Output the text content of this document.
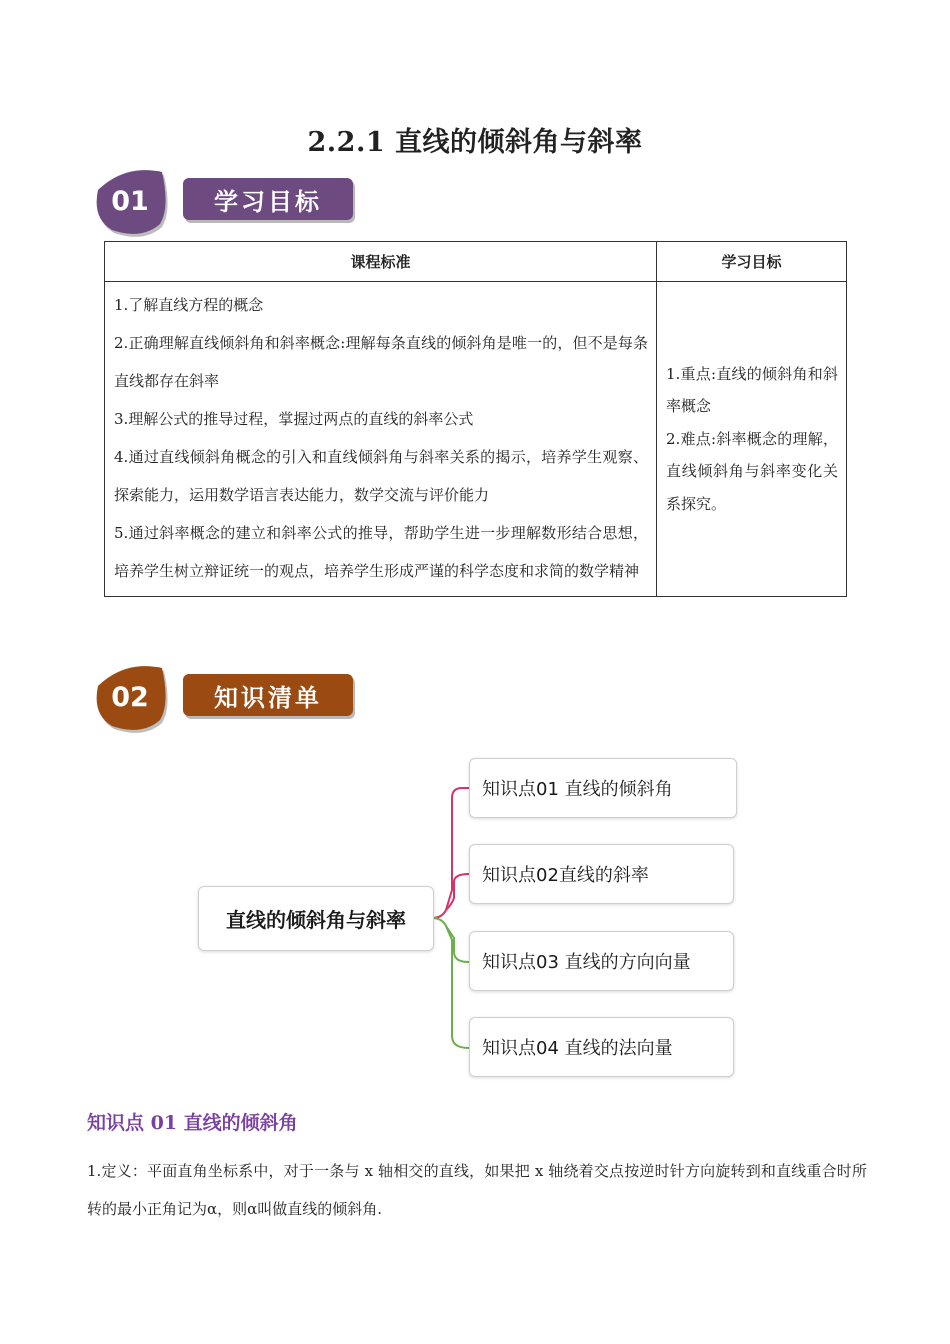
2.2.1 直线的倾斜角与斜率
01	学习目标
课程标准	学习目标

1.了解直线方程的概念
2.正确理解直线倾斜角和斜率概念:理解每条直线的倾斜角是唯一的，但不是每条直线都存在斜率
3.理解公式的推导过程，掌握过两点的直线的斜率公式
4.通过直线倾斜角概念的引入和直线倾斜角与斜率关系的揭示，培养学生观察、探索能力，运用数学语言表达能力，数学交流与评价能力
5.通过斜率概念的建立和斜率公式的推导，帮助学生进一步理解数形结合思想，培养学生树立辩证统一的观点，培养学生形成严谨的科学态度和求简的数学精神	1.重点:直线的倾斜角和斜率概念
2.难点:斜率概念的理解，直线倾斜角与斜率变化关系探究。
02	知识清单
直线的倾斜角与斜率
知识点01 直线的倾斜角
知识点02直线的斜率
知识点03 直线的方向向量
知识点04 直线的法向量
知识点 01 直线的倾斜角
1.定义：平面直角坐标系中，对于一条与 x 轴相交的直线，如果把 x 轴绕着交点按逆时针方向旋转到和直线重合时所转的最小正角记为α，则α叫做直线的倾斜角.
